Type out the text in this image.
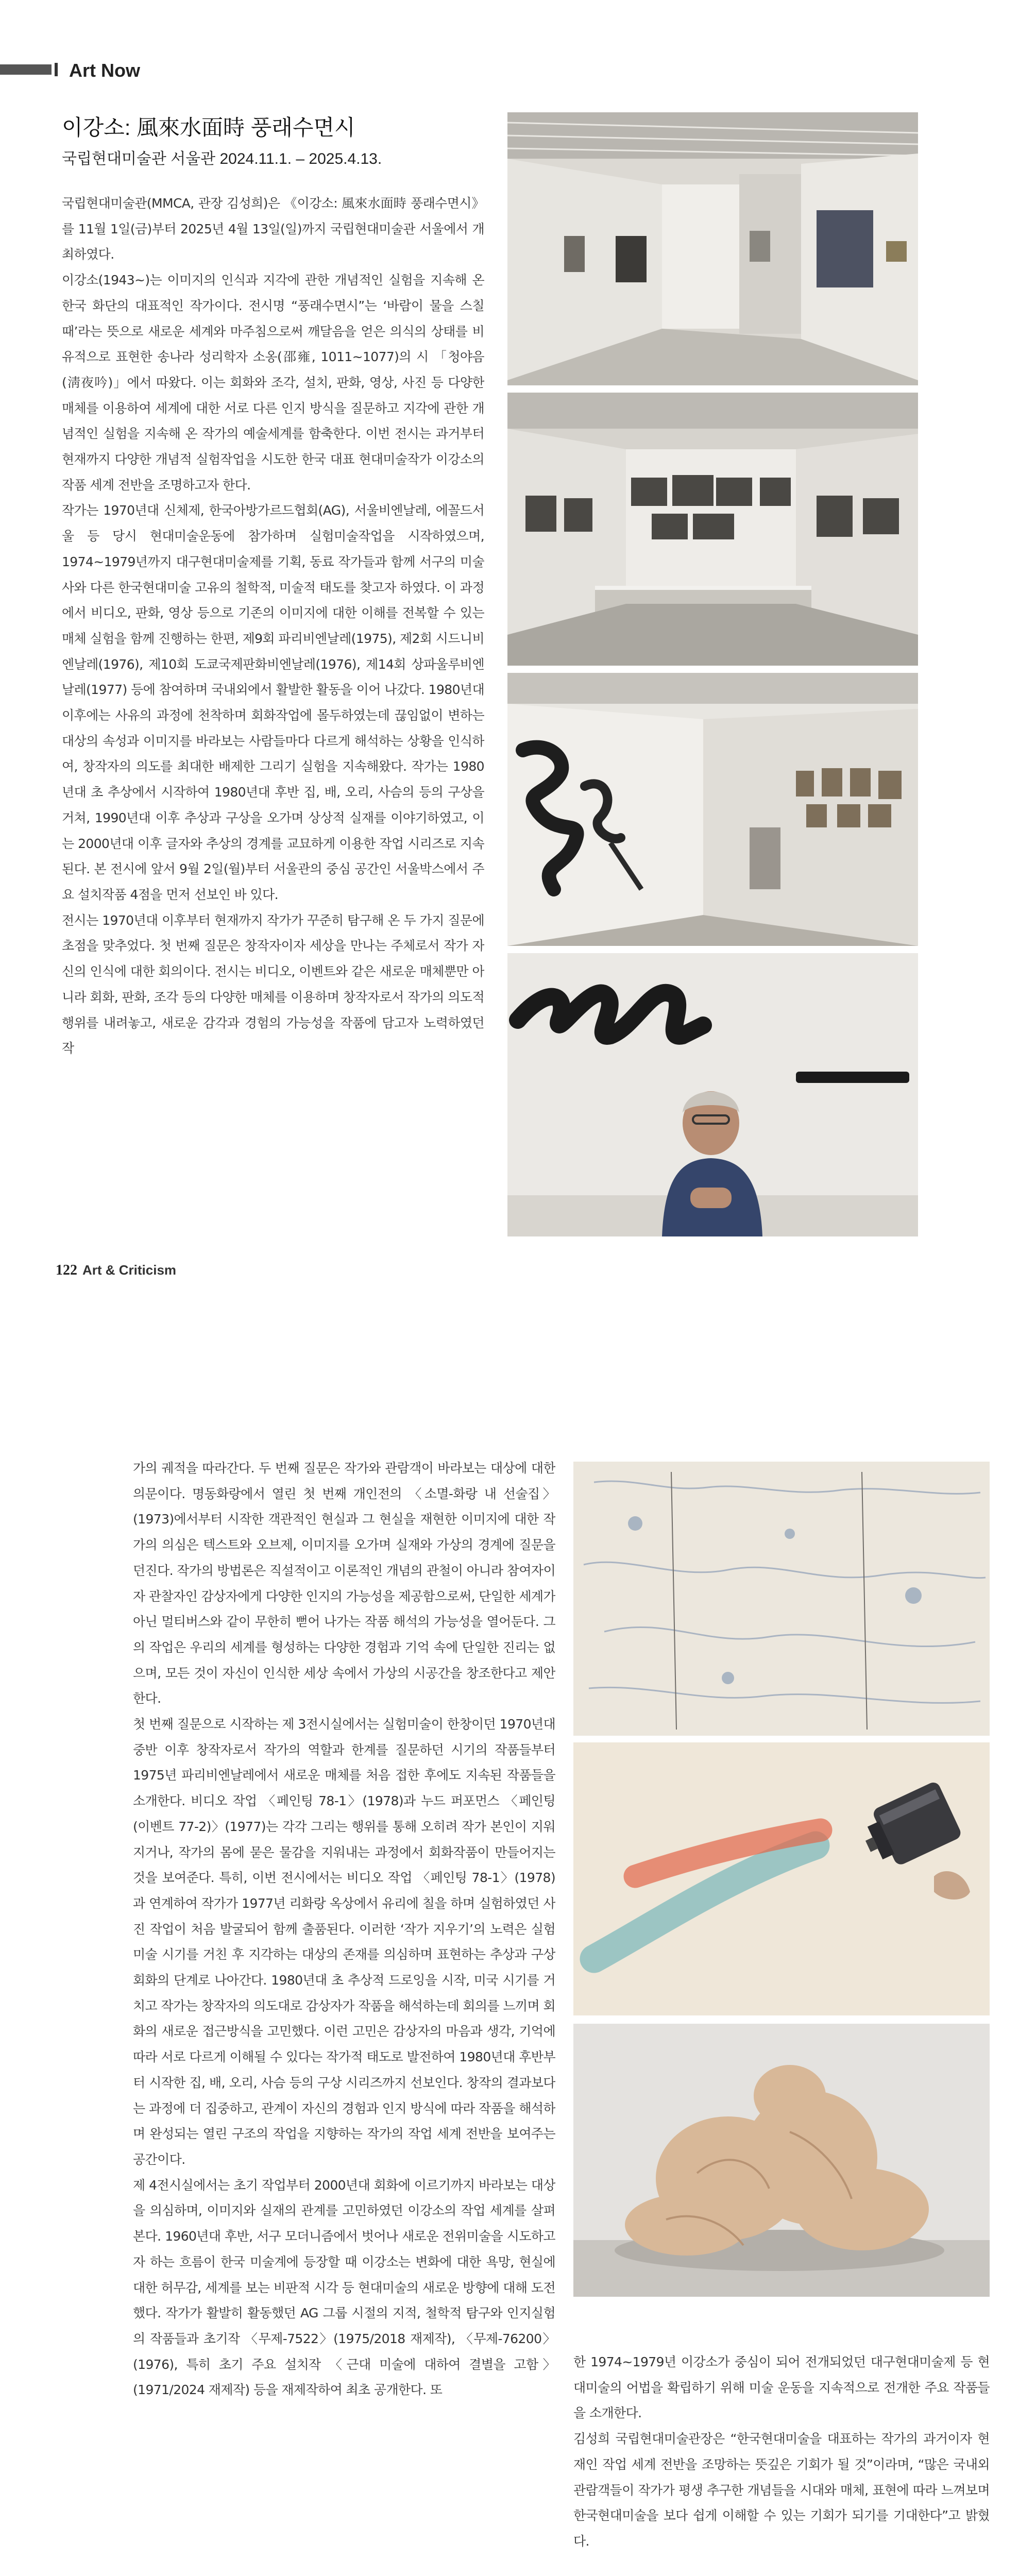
Art Now
이강소: 風來水面時 풍래수면시
국립현대미술관 서울관 2024.11.1. – 2025.4.13.
국립현대미술관(MMCA, 관장 김성희)은 《이강소: 風來水面時 풍래수면시》를 11월 1일(금)부터 2025년 4월 13일(일)까지 국립현대미술관 서울에서 개최하였다.
이강소(1943~)는 이미지의 인식과 지각에 관한 개념적인 실험을 지속해 온 한국 화단의 대표적인 작가이다. 전시명 “풍래수면시”는 ‘바람이 물을 스칠 때’라는 뜻으로 새로운 세계와 마주침으로써 깨달음을 얻은 의식의 상태를 비유적으로 표현한 송나라 성리학자 소옹(邵雍, 1011~1077)의 시 「청야음(淸夜吟)」에서 따왔다. 이는 회화와 조각, 설치, 판화, 영상, 사진 등 다양한 매체를 이용하여 세계에 대한 서로 다른 인지 방식을 질문하고 지각에 관한 개념적인 실험을 지속해 온 작가의 예술세계를 함축한다. 이번 전시는 과거부터 현재까지 다양한 개념적 실험작업을 시도한 한국 대표 현대미술작가 이강소의 작품 세계 전반을 조명하고자 한다.
작가는 1970년대 신체제, 한국아방가르드협회(AG), 서울비엔날레, 에꼴드서울 등 당시 현대미술운동에 참가하며 실험미술작업을 시작하였으며, 1974~1979년까지 대구현대미술제를 기획, 동료 작가들과 함께 서구의 미술사와 다른 한국현대미술 고유의 철학적, 미술적 태도를 찾고자 하였다. 이 과정에서 비디오, 판화, 영상 등으로 기존의 이미지에 대한 이해를 전복할 수 있는 매체 실험을 함께 진행하는 한편, 제9회 파리비엔날레(1975), 제2회 시드니비엔날레(1976), 제10회 도쿄국제판화비엔날레(1976), 제14회 상파울루비엔날레(1977) 등에 참여하며 국내외에서 활발한 활동을 이어 나갔다. 1980년대 이후에는 사유의 과정에 천착하며 회화작업에 몰두하였는데 끊임없이 변하는 대상의 속성과 이미지를 바라보는 사람들마다 다르게 해석하는 상황을 인식하여, 창작자의 의도를 최대한 배제한 그리기 실험을 지속해왔다. 작가는 1980년대 초 추상에서 시작하여 1980년대 후반 집, 배, 오리, 사슴의 등의 구상을 거쳐, 1990년대 이후 추상과 구상을 오가며 상상적 실재를 이야기하였고, 이는 2000년대 이후 글자와 추상의 경계를 교묘하게 이용한 작업 시리즈로 지속된다. 본 전시에 앞서 9월 2일(월)부터 서울관의 중심 공간인 서울박스에서 주요 설치작품 4점을 먼저 선보인 바 있다.
전시는 1970년대 이후부터 현재까지 작가가 꾸준히 탐구해 온 두 가지 질문에 초점을 맞추었다. 첫 번째 질문은 창작자이자 세상을 만나는 주체로서 작가 자신의 인식에 대한 회의이다. 전시는 비디오, 이벤트와 같은 새로운 매체뿐만 아니라 회화, 판화, 조각 등의 다양한 매체를 이용하며 창작자로서 작가의 의도적 행위를 내려놓고, 새로운 감각과 경험의 가능성을 작품에 담고자 노력하였던 작
122 Art & Criticism
가의 궤적을 따라간다. 두 번째 질문은 작가와 관람객이 바라보는 대상에 대한 의문이다. 명동화랑에서 열린 첫 번째 개인전의 〈소멸-화랑 내 선술집〉(1973)에서부터 시작한 객관적인 현실과 그 현실을 재현한 이미지에 대한 작가의 의심은 텍스트와 오브제, 이미지를 오가며 실재와 가상의 경계에 질문을 던진다. 작가의 방법론은 직설적이고 이론적인 개념의 관철이 아니라 참여자이자 관찰자인 감상자에게 다양한 인지의 가능성을 제공함으로써, 단일한 세계가 아닌 멀티버스와 같이 무한히 뻗어 나가는 작품 해석의 가능성을 열어둔다. 그의 작업은 우리의 세계를 형성하는 다양한 경험과 기억 속에 단일한 진리는 없으며, 모든 것이 자신이 인식한 세상 속에서 가상의 시공간을 창조한다고 제안한다.
첫 번째 질문으로 시작하는 제 3전시실에서는 실험미술이 한창이던 1970년대 중반 이후 창작자로서 작가의 역할과 한계를 질문하던 시기의 작품들부터 1975년 파리비엔날레에서 새로운 매체를 처음 접한 후에도 지속된 작품들을 소개한다. 비디오 작업 〈페인팅 78-1〉(1978)과 누드 퍼포먼스 〈페인팅 (이벤트 77-2)〉(1977)는 각각 그리는 행위를 통해 오히려 작가 본인이 지워지거나, 작가의 몸에 묻은 물감을 지워내는 과정에서 회화작품이 만들어지는 것을 보여준다. 특히, 이번 전시에서는 비디오 작업 〈페인팅 78-1〉(1978)과 연계하여 작가가 1977년 리화랑 옥상에서 유리에 칠을 하며 실험하였던 사진 작업이 처음 발굴되어 함께 출품된다. 이러한 ‘작가 지우기’의 노력은 실험미술 시기를 거친 후 지각하는 대상의 존재를 의심하며 표현하는 추상과 구상회화의 단계로 나아간다. 1980년대 초 추상적 드로잉을 시작, 미국 시기를 거치고 작가는 창작자의 의도대로 감상자가 작품을 해석하는데 회의를 느끼며 회화의 새로운 접근방식을 고민했다. 이런 고민은 감상자의 마음과 생각, 기억에 따라 서로 다르게 이해될 수 있다는 작가적 태도로 발전하여 1980년대 후반부터 시작한 집, 배, 오리, 사슴 등의 구상 시리즈까지 선보인다. 창작의 결과보다는 과정에 더 집중하고, 관계이 자신의 경험과 인지 방식에 따라 작품을 해석하며 완성되는 열린 구조의 작업을 지향하는 작가의 작업 세계 전반을 보여주는 공간이다.
제 4전시실에서는 초기 작업부터 2000년대 회화에 이르기까지 바라보는 대상을 의심하며, 이미지와 실재의 관계를 고민하였던 이강소의 작업 세계를 살펴본다. 1960년대 후반, 서구 모더니즘에서 벗어나 새로운 전위미술을 시도하고자 하는 흐름이 한국 미술계에 등장할 때 이강소는 변화에 대한 욕망, 현실에 대한 허무감, 세계를 보는 비판적 시각 등 현대미술의 새로운 방향에 대해 도전했다. 작가가 활발히 활동했던 AG 그룹 시절의 지적, 철학적 탐구와 인지실험의 작품들과 초기작 〈무제-7522〉(1975/2018 재제작), 〈무제-76200〉(1976), 특히 초기 주요 설치작 〈근대 미술에 대하여 결별을 고함〉(1971/2024 재제작) 등을 재제작하여 최초 공개한다. 또
한 1974~1979년 이강소가 중심이 되어 전개되었던 대구현대미술제 등 현대미술의 어법을 확립하기 위해 미술 운동을 지속적으로 전개한 주요 작품들을 소개한다.
김성희 국립현대미술관장은 “한국현대미술을 대표하는 작가의 과거이자 현재인 작업 세계 전반을 조망하는 뜻깊은 기회가 될 것”이라며, “많은 국내외 관람객들이 작가가 평생 추구한 개념들을 시대와 매체, 표현에 따라 느껴보며 한국현대미술을 보다 쉽게 이해할 수 있는 기회가 되기를 기대한다”고 밝혔다.
